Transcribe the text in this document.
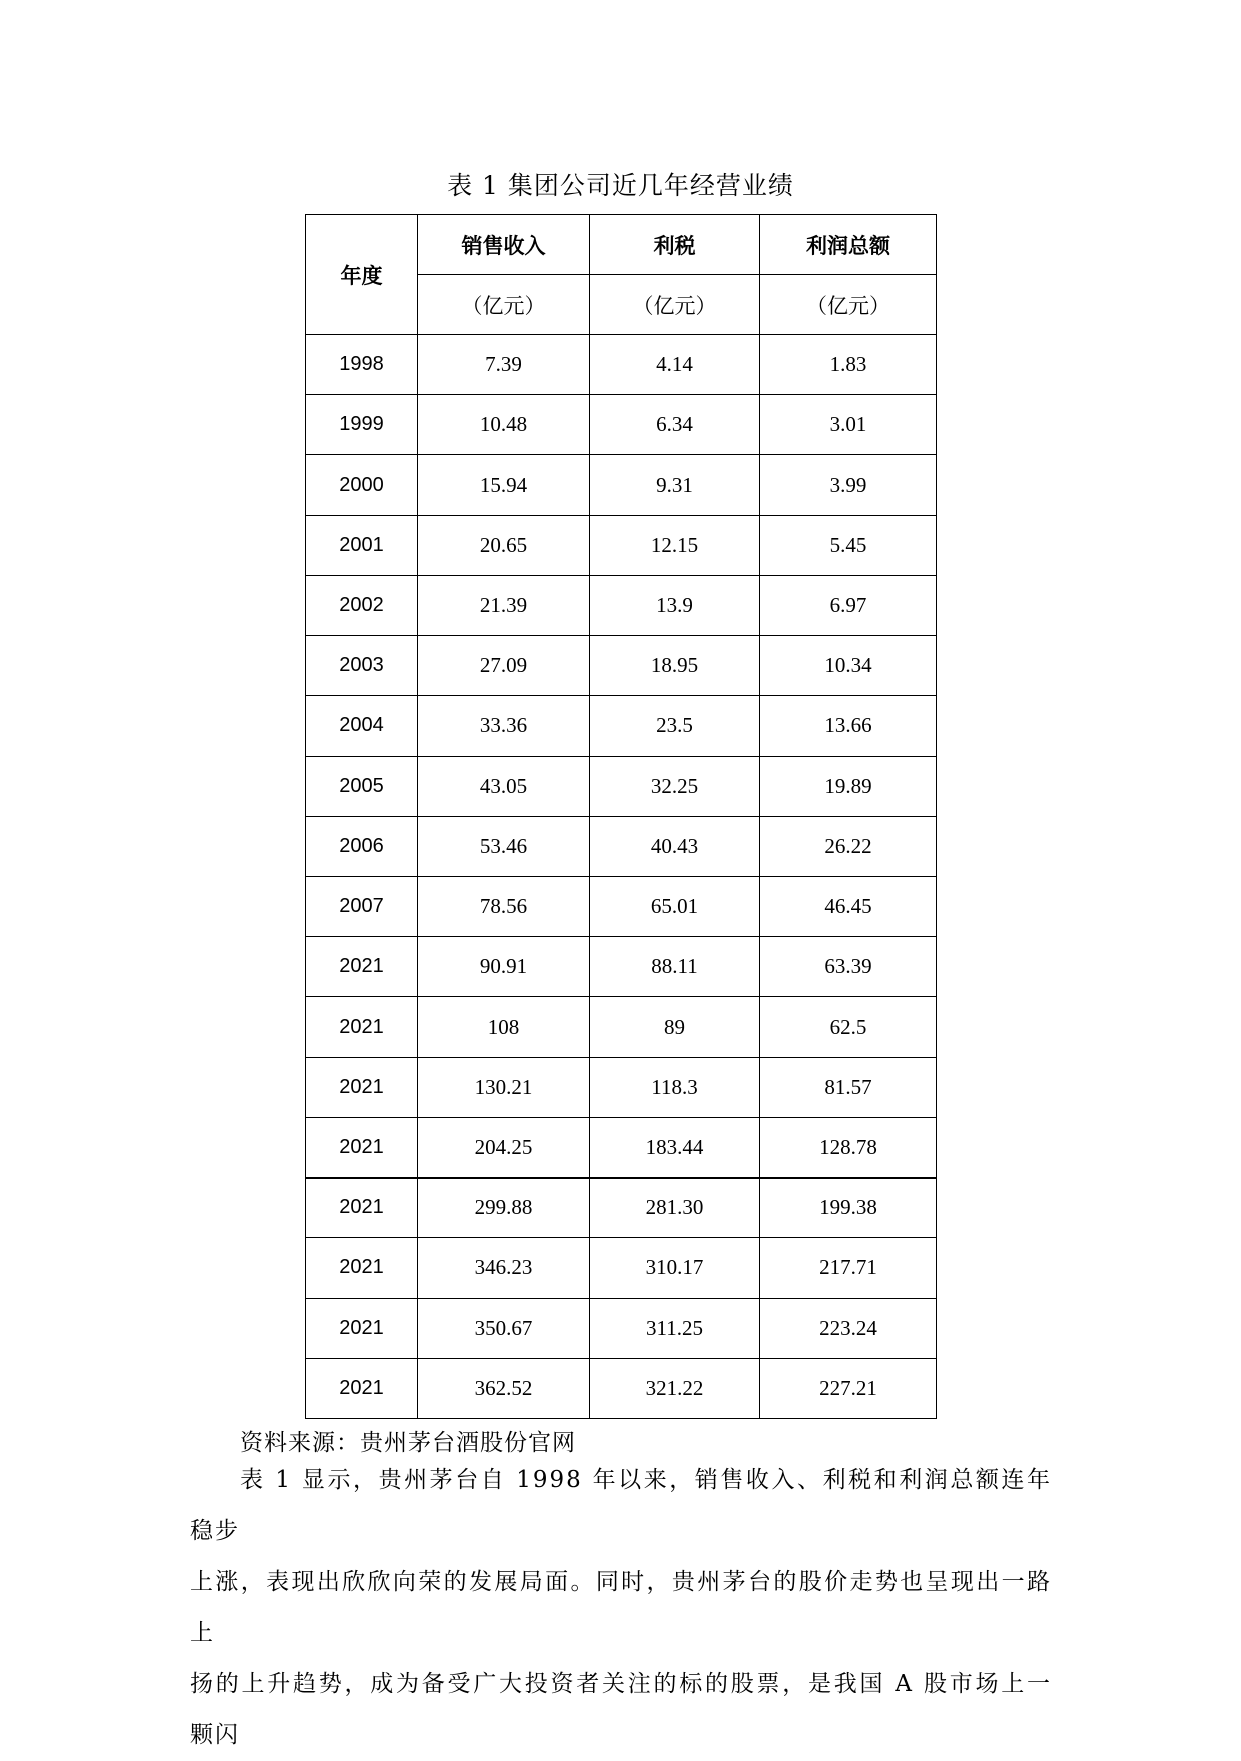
表 1 集团公司近几年经营业绩
年度	销售收入	利税	利润总额
	（亿元）	（亿元）	（亿元）
1998	7.39	4.14	1.83
1999	10.48	6.34	3.01
2000	15.94	9.31	3.99
2001	20.65	12.15	5.45
2002	21.39	13.9	6.97
2003	27.09	18.95	10.34
2004	33.36	23.5	13.66
2005	43.05	32.25	19.89
2006	53.46	40.43	26.22
2007	78.56	65.01	46.45
2021	90.91	88.11	63.39
2021	108	89	62.5
2021	130.21	118.3	81.57
2021	204.25	183.44	128.78
2021	299.88	281.30	199.38
2021	346.23	310.17	217.71
2021	350.67	311.25	223.24
2021	362.52	321.22	227.21
资料来源：贵州茅台酒股份官网

表 1 显示，贵州茅台自 1998 年以来，销售收入、利税和利润总额连年稳步

上涨，表现出欣欣向荣的发展局面。同时，贵州茅台的股价走势也呈现出一路上

扬的上升趋势，成为备受广大投资者关注的标的股票，是我国 A 股市场上一颗闪
